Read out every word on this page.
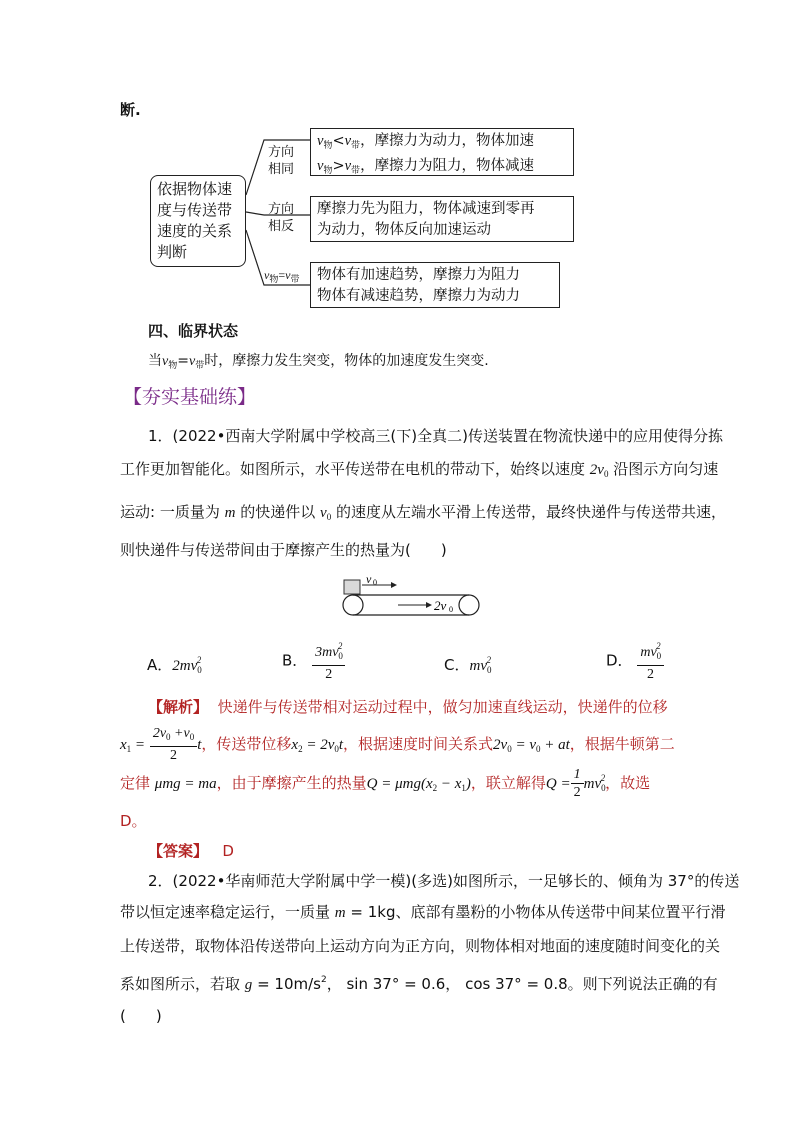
断.
依据物体速度与传送带速度的关系判断
方向相同
方向相反
$v_物=v_带$
$v_物<v_带$，摩擦力为动力，物体加速
$v_物>v_带$，摩擦力为阻力，物体减速
摩擦力先为阻力，物体减速到零再
为动力，物体反向加速运动
物体有加速趋势，摩擦力为阻力
物体有减速趋势，摩擦力为动力
四、临界状态
当$v_物=v_带$时，摩擦力发生突变，物体的加速度发生突变.
【夯实基础练】
1．(2022•西南大学附属中学校高三(下)全真二)传送装置在物流快递中的应用使得分拣
工作更加智能化。如图所示，水平传送带在电机的带动下，始终以速度 $2v_0$ 沿图示方向匀速
运动: 一质量为 m 的快递件以 $v_0$ 的速度从左端水平滑上传送带，最终快递件与传送带共速，
则快递件与传送带间由于摩擦产生的热量为(　　)
v 0
2v 0
A．$2mv_0^2$	B． $\frac{3mv_0^2}{2}$	C．$mv_0^2$	D． $\frac{mv_0^2}{2}$
【解析】 快递件与传送带相对运动过程中，做匀加速直线运动，快递件的位移
$x_1 = \frac{2v_0 +v_0}{2}$ t，传送带位移$x_2 = 2v_0t$，根据速度时间关系式$2v_0 = v_0$ + at，根据牛顿第二
定律 μmg = ma，由于摩擦产生的热量$Q = \mu mg(x_2 - x_1)$，联立解得$Q = \frac{1}{2} mv_0^2$，故选
D。
【答案】 D
2．(2022•华南师范大学附属中学一模)(多选)如图所示，一足够长的、倾角为 37°的传送
带以恒定速率稳定运行，一质量 m = 1kg、底部有墨粉的小物体从传送带中间某位置平行滑
上传送带，取物体沿传送带向上运动方向为正方向，则物体相对地面的速度随时间变化的关
系如图所示，若取 $g = 10m/s^2$， sin 37° = 0.6， cos 37° = 0.8。则下列说法正确的有
(　　)
